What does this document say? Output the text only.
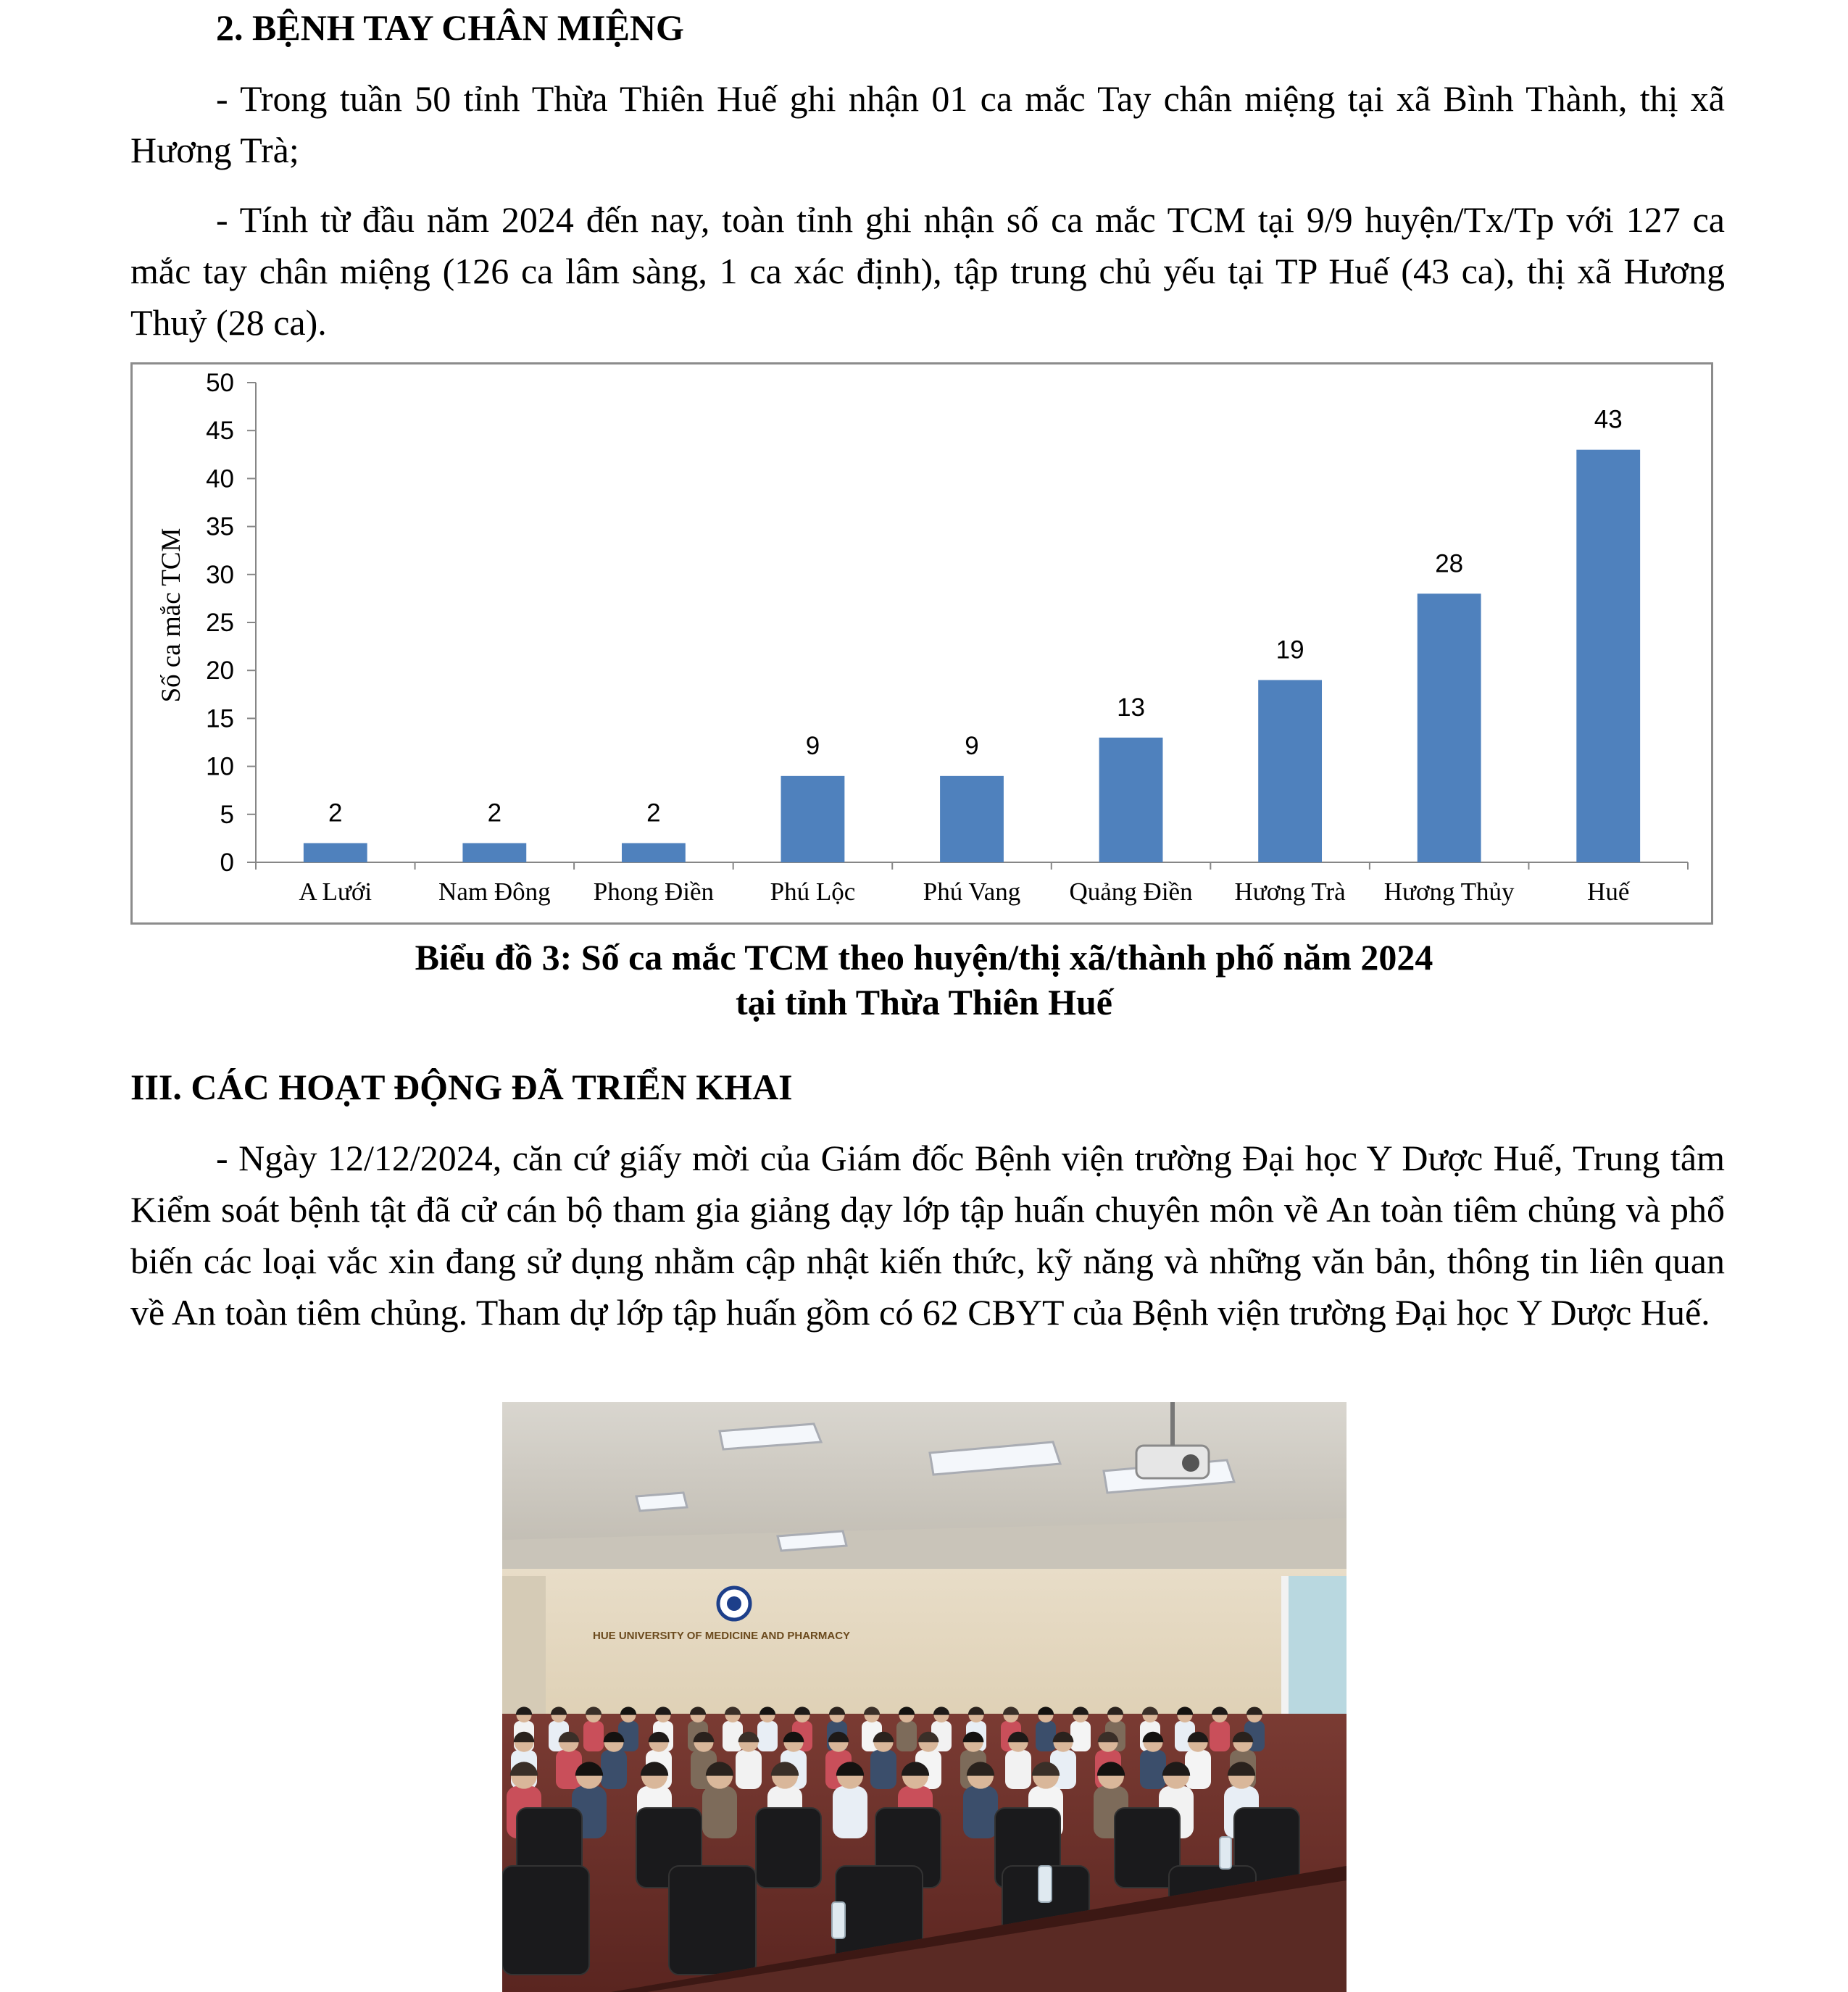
2. BỆNH TAY CHÂN MIỆNG

- Trong tuần 50 tỉnh Thừa Thiên Huế ghi nhận 01 ca mắc Tay chân miệng tại xã Bình Thành, thị xã Hương Trà;

- Tính từ đầu năm 2024 đến nay, toàn tỉnh ghi nhận số ca mắc TCM tại 9/9 huyện/Tx/Tp với 127 ca mắc tay chân miệng (126 ca lâm sàng, 1 ca xác định), tập trung chủ yếu tại TP Huế (43 ca), thị xã Hương Thuỷ (28 ca).

0
5
10
15
20
25
30
35
40
45
50
Số ca mắc TCM
2
A Lưới
2
Nam Đông
2
Phong Điền
9
Phú Lộc
9
Phú Vang
13
Quảng Điền
19
Hương Trà
28
Hương Thủy
43
Huế

Biểu đồ 3: Số ca mắc TCM theo huyện/thị xã/thành phố năm 2024

tại tỉnh Thừa Thiên Huế

III. CÁC HOẠT ĐỘNG ĐÃ TRIỂN KHAI

- Ngày 12/12/2024, căn cứ giấy mời của Giám đốc Bệnh viện trường Đại học Y Dược Huế, Trung tâm Kiểm soát bệnh tật đã cử cán bộ tham gia giảng dạy lớp tập huấn chuyên môn về An toàn tiêm chủng và phổ biến các loại vắc xin đang sử dụng nhằm cập nhật kiến thức, kỹ năng và những văn bản, thông tin liên quan về An toàn tiêm chủng. Tham dự lớp tập huấn gồm có 62 CBYT của Bệnh viện trường Đại học Y Dược Huế.

HUE UNIVERSITY OF MEDICINE AND PHARMACY
